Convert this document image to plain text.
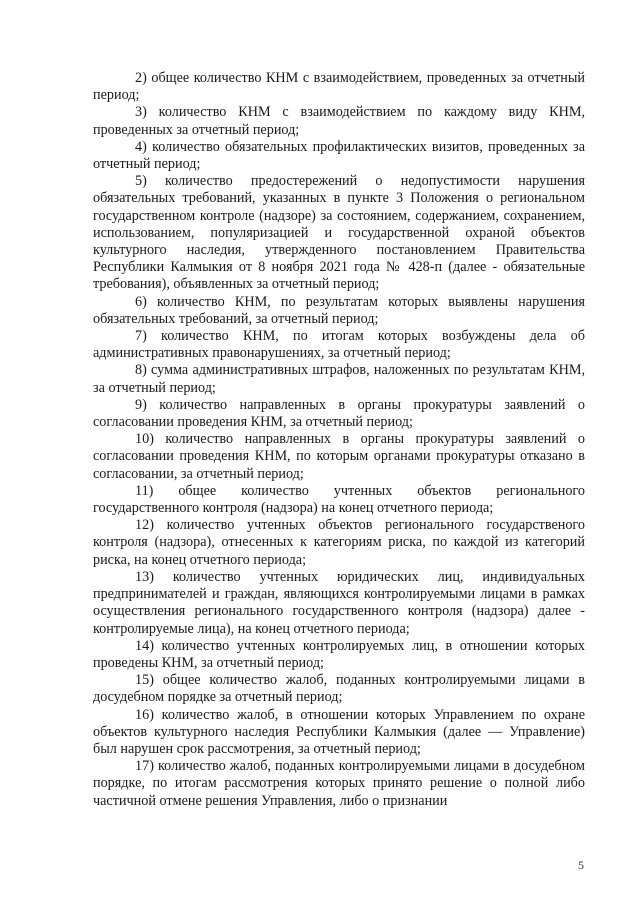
2) общее количество КНМ с взаимодействием, проведенных за отчетный период;

3) количество КНМ с взаимодействием по каждому виду КНМ, проведенных за отчетный период;

4) количество обязательных профилактических визитов, проведенных за отчетный период;

5) количество предостережений о недопустимости нарушения обязательных требований, указанных в пункте 3 Положения о региональном государственном контроле (надзоре) за состоянием, содержанием, сохранением, использованием, популяризацией и государственной охраной объектов культурного наследия, утвержденного постановлением Правительства Республики Калмыкия от 8 ноября 2021 года № 428-п (далее - обязательные требования), объявленных за отчетный период;

6) количество КНМ, по результатам которых выявлены нарушения обязательных требований, за отчетный период;

7) количество КНМ, по итогам которых возбуждены дела об административных правонарушениях, за отчетный период;

8) сумма административных штрафов, наложенных по результатам КНМ, за отчетный период;

9) количество направленных в органы прокуратуры заявлений о согласовании проведения КНМ, за отчетный период;

10) количество направленных в органы прокуратуры заявлений о согласовании проведения КНМ, по которым органами прокуратуры отказано в согласовании, за отчетный период;

11) общее количество учтенных объектов регионального государственного контроля (надзора) на конец отчетного периода;

12) количество учтенных объектов регионального государственого контроля (надзора), отнесенных к категориям риска, по каждой из категорий риска, на конец отчетного периода;

13) количество учтенных юридических лиц, индивидуальных предпринимателей и граждан, являющихся контролируемыми лицами в рамках осуществления регионального государственного контроля (надзора) далее - контролируемые лица), на конец отчетного периода;

14) количество учтенных контролируемых лиц, в отношении которых проведены КНМ, за отчетный период;

15) общее количество жалоб, поданных контролируемыми лицами в досудебном порядке за отчетный период;

16) количество жалоб, в отношении которых Управлением по охране объектов культурного наследия Республики Калмыкия (далее — Управление) был нарушен срок рассмотрения, за отчетный период;

17) количество жалоб, поданных контролируемыми лицами в досудебном порядке, по итогам рассмотрения которых принято решение о полной либо частичной отмене решения Управления, либо о признании

5
